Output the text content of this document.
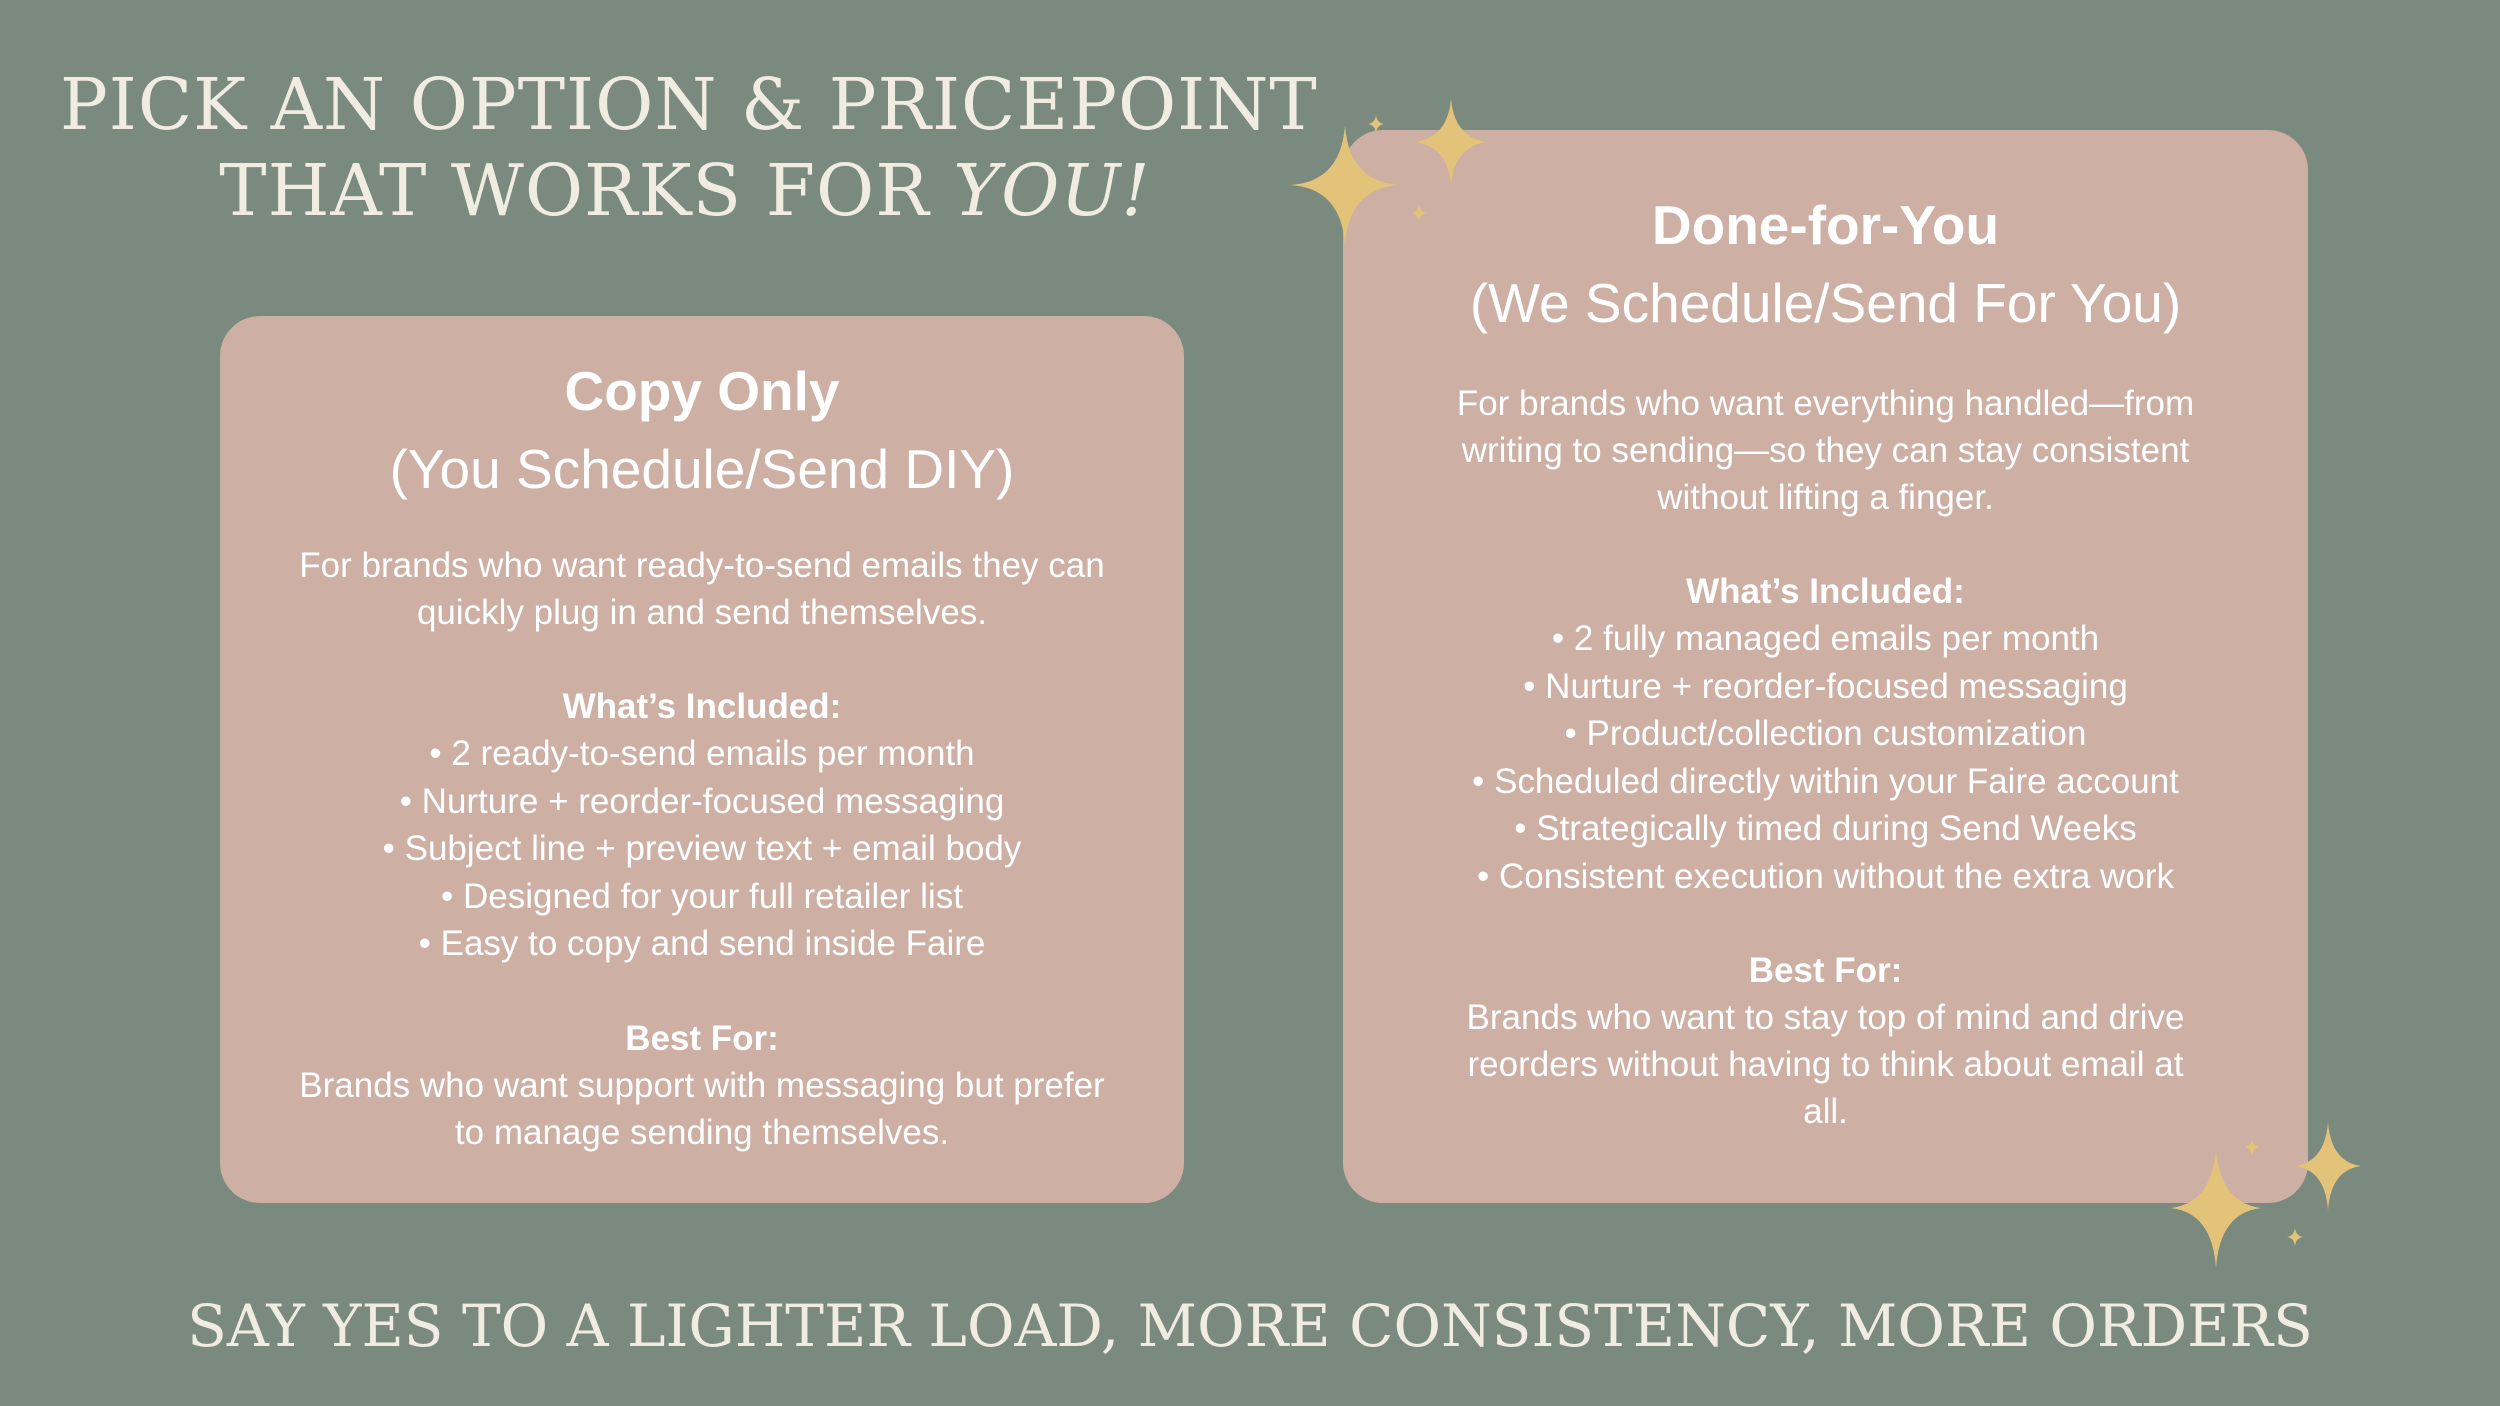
PICK AN OPTION & PRICEPOINT
THAT WORKS FOR YOU!
Copy Only
(You Schedule/Send DIY)
For brands who want ready-to-send emails they can quickly plug in and send themselves.
What’s Included:
• 2 ready-to-send emails per month
• Nurture + reorder-focused messaging
• Subject line + preview text + email body
• Designed for your full retailer list
• Easy to copy and send inside Faire
Best For:
Brands who want support with messaging but prefer to manage sending themselves.
Done-for-You
(We Schedule/Send For You)
For brands who want everything handled—from writing to sending—so they can stay consistent without lifting a finger.
What’s Included:
• 2 fully managed emails per month
• Nurture + reorder-focused messaging
• Product/collection customization
• Scheduled directly within your Faire account
• Strategically timed during Send Weeks
• Consistent execution without the extra work
Best For:
Brands who want to stay top of mind and drive reorders without having to think about email at all.
SAY YES TO A LIGHTER LOAD, MORE CONSISTENCY, MORE ORDERS
